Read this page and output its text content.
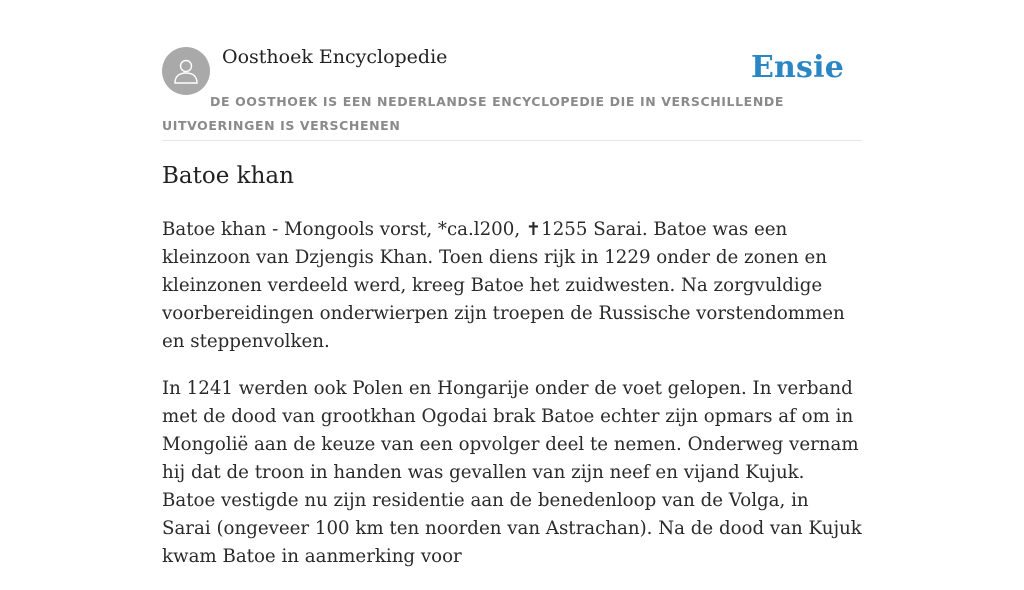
Oosthoek Encyclopedie	Ensie
DE OOSTHOEK IS EEN NEDERLANDSE ENCYCLOPEDIE DIE IN VERSCHILLENDE UITVOERINGEN IS VERSCHENEN
Batoe khan

Batoe khan - Mongools vorst, *ca.l200, ✝1255 Sarai. Batoe was een kleinzoon van Dzjengis Khan. Toen diens rijk in 1229 onder de zonen en kleinzonen verdeeld werd, kreeg Batoe het zuidwesten. Na zorgvuldige voorbereidingen onderwierpen zijn troepen de Russische vorstendommen en steppenvolken.

In 1241 werden ook Polen en Hongarije onder de voet gelopen. In verband met de dood van grootkhan Ogodai brak Batoe echter zijn opmars af om in Mongolië aan de keuze van een opvolger deel te nemen. Onderweg vernam hij dat de troon in handen was gevallen van zijn neef en vijand Kujuk. Batoe vestigde nu zijn residentie aan de benedenloop van de Volga, in Sarai (ongeveer 100 km ten noorden van Astrachan). Na de dood van Kujuk kwam Batoe in aanmerking voor
